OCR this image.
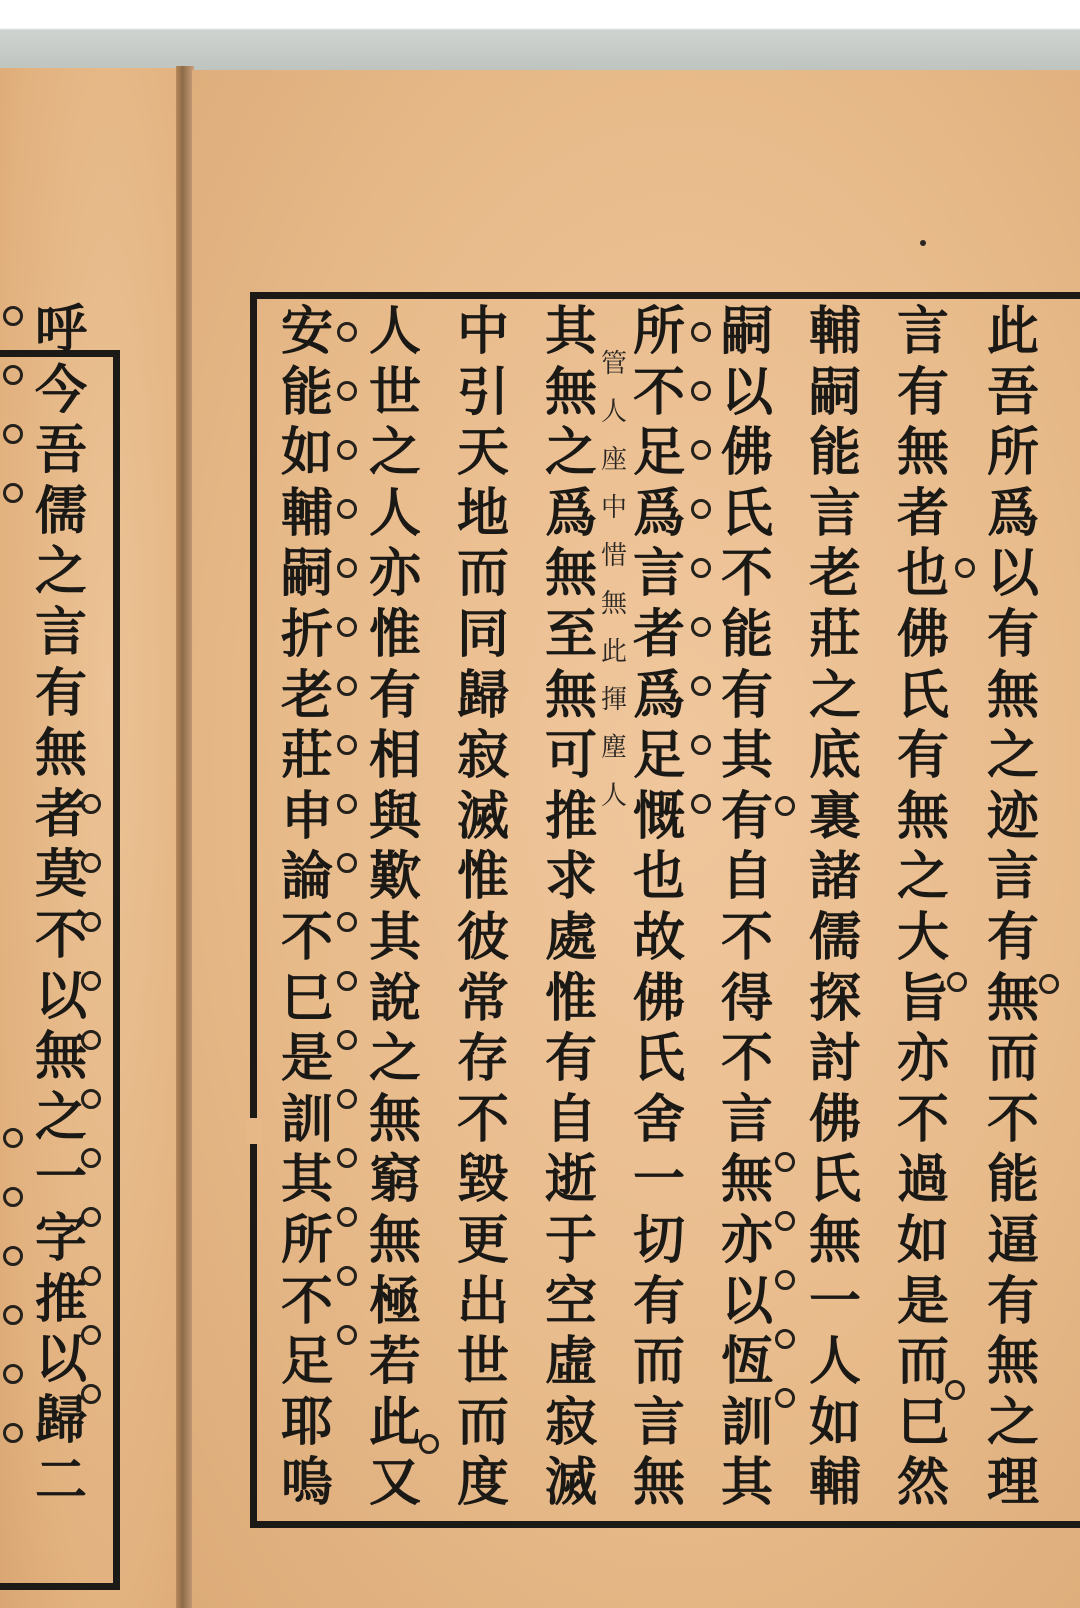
呼
今
吾
儒
之
言
有
無
者
莫
不
以
無
之
一
字
推
以
歸
二
此
吾
所
爲
以
有
無
之
迹
言
有
無
而
不
能
逼
有
無
之
理
言
有
無
者
也
佛
氏
有
無
之
大
旨
亦
不
過
如
是
而
巳
然
輔
嗣
能
言
老
莊
之
底
裏
諸
儒
探
討
佛
氏
無
一
人
如
輔
嗣
以
佛
氏
不
能
有
其
有
自
不
得
不
言
無
亦
以
恆
訓
其
所
不
足
爲
言
者
爲
足
慨
也
故
佛
氏
舍
一
切
有
而
言
無
其
無
之
爲
無
至
無
可
推
求
處
惟
有
自
逝
于
空
虛
寂
滅
中
引
天
地
而
同
歸
寂
滅
惟
彼
常
存
不
毀
更
出
世
而
度
人
世
之
人
亦
惟
有
相
與
歎
其
說
之
無
窮
無
極
若
此
又
安
能
如
輔
嗣
折
老
莊
申
論
不
巳
是
訓
其
所
不
足
耶
嗚
管
人
座
中
惜
無
此
揮
塵
人
